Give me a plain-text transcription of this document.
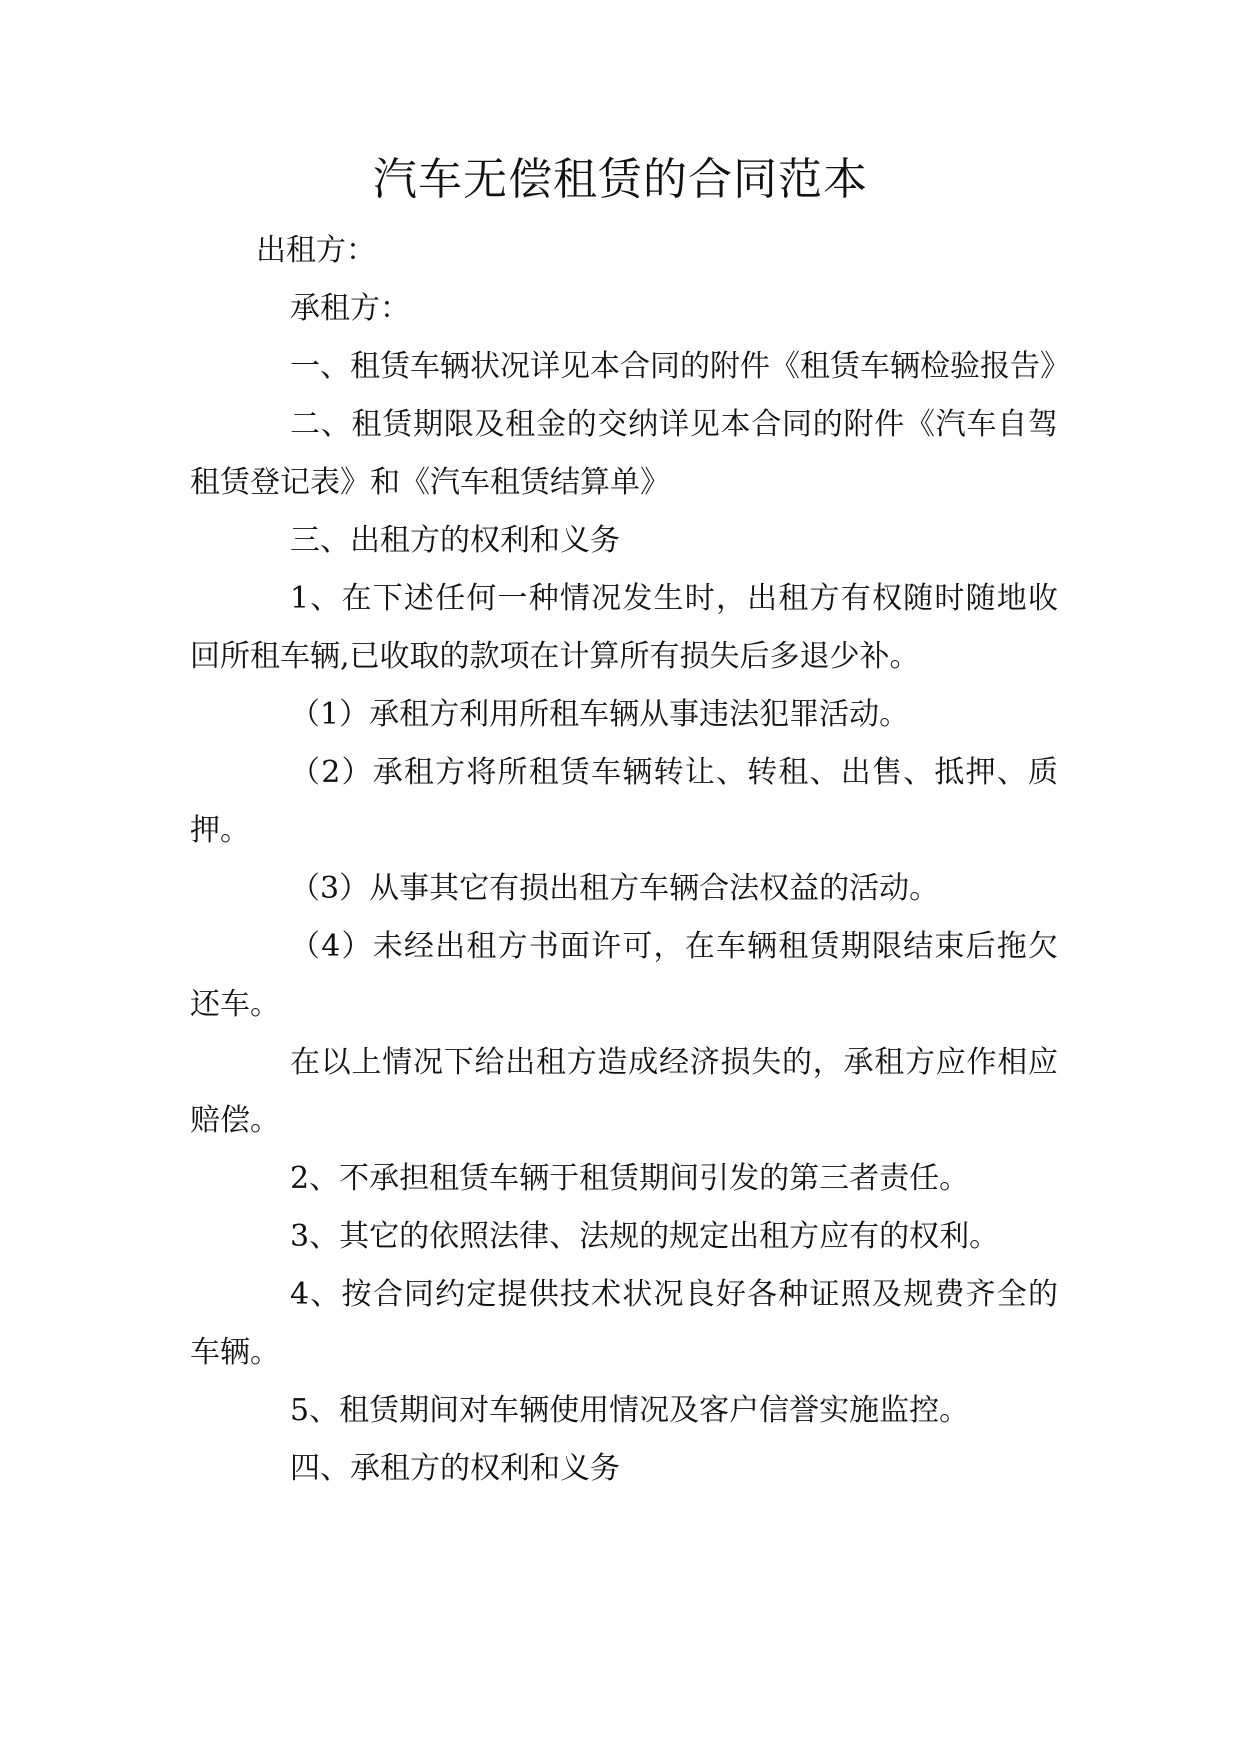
汽车无偿租赁的合同范本

出租方：

承租方：

一、租赁车辆状况详见本合同的附件《租赁车辆检验报告》

二、租赁期限及租金的交纳详见本合同的附件《汽车自驾租赁登记表》和《汽车租赁结算单》

三、出租方的权利和义务

1、在下述任何一种情况发生时，出租方有权随时随地收回所租车辆,已收取的款项在计算所有损失后多退少补。

（1）承租方利用所租车辆从事违法犯罪活动。

（2）承租方将所租赁车辆转让、转租、出售、抵押、质押。

（3）从事其它有损出租方车辆合法权益的活动。

（4）未经出租方书面许可，在车辆租赁期限结束后拖欠还车。

在以上情况下给出租方造成经济损失的，承租方应作相应赔偿。

2、不承担租赁车辆于租赁期间引发的第三者责任。

3、其它的依照法律、法规的规定出租方应有的权利。

4、按合同约定提供技术状况良好各种证照及规费齐全的车辆。

5、租赁期间对车辆使用情况及客户信誉实施监控。

四、承租方的权利和义务
